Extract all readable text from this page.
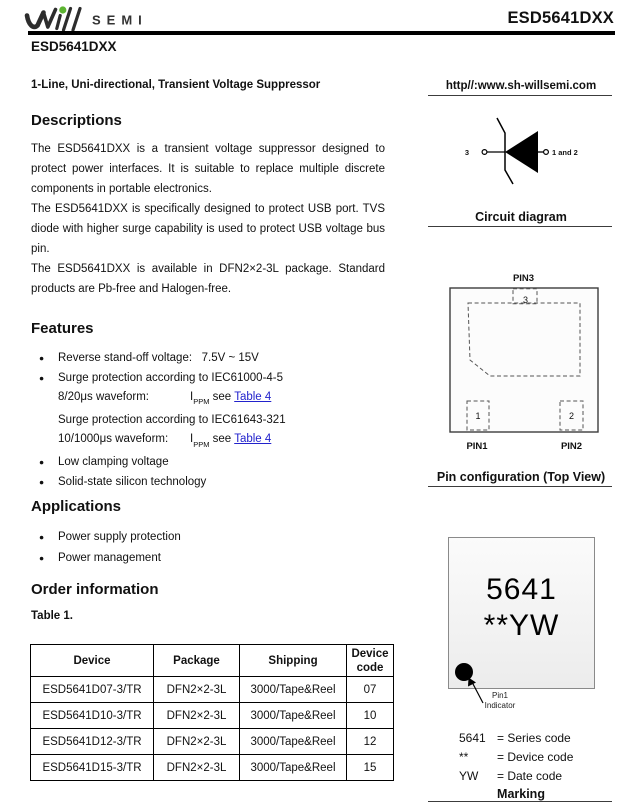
SEMI	ESD5641DXX
ESD5641DXX
1-Line, Uni-directional, Transient Voltage Suppressor
Descriptions

The ESD5641DXX is a transient voltage suppressor designed to protect power interfaces. It is suitable to replace multiple discrete components in portable electronics.

The ESD5641DXX is specifically designed to protect USB port. TVS diode with higher surge capability is used to protect USB voltage bus pin.

The ESD5641DXX is available in DFN2×2-3L package. Standard products are Pb-free and Halogen-free.

Features
● Reverse stand-off voltage:   7.5V ~ 15V
● Surge protection according to IEC61000-4-5
8/20μs waveform:	$I_{PPM}$ see Table 4
Surge protection according to IEC61643-321
10/1000μs waveform: $I_{PPM}$ see Table 4
● Low clamping voltage
● Solid-state silicon technology
Applications
● Power supply protection
● Power management
Order information
Table 1.
Device	Package	Shipping	Device code
ESD5641D07-3/TR	DFN2×2-3L	3000/Tape&Reel	07
ESD5641D10-3/TR	DFN2×2-3L	3000/Tape&Reel	10
ESD5641D12-3/TR	DFN2×2-3L	3000/Tape&Reel	12
ESD5641D15-3/TR	DFN2×2-3L	3000/Tape&Reel	15
http//:www.sh-willsemi.com
3	1 and 2
Circuit diagram
PIN3
3
1	2
PIN1	PIN2
Pin configuration (Top View)
5641
**YW
Pin1
Indicator
5641 = Series code
**	= Device code
YW	= Date code
Marking
